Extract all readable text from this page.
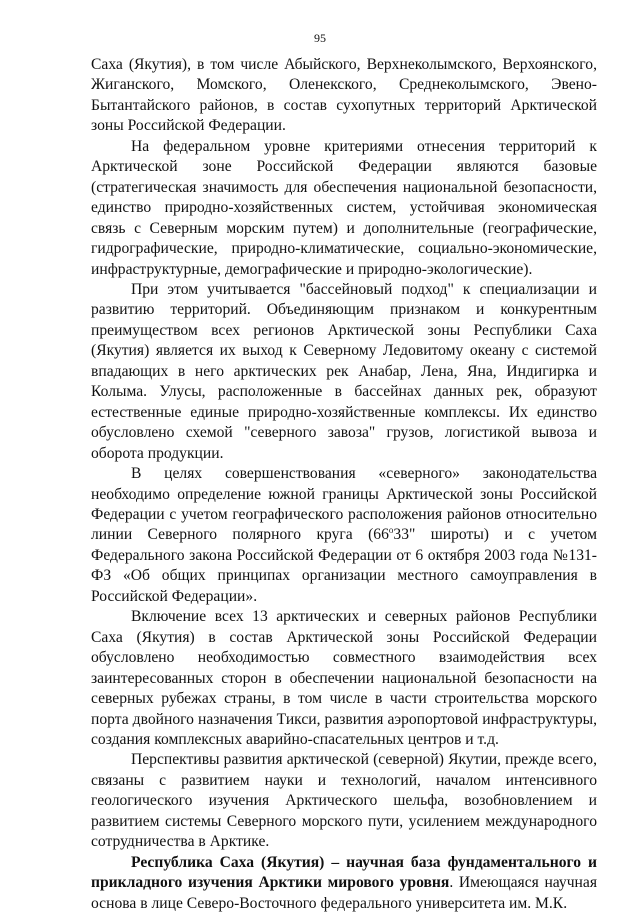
95

Саха (Якутия), в том числе Абыйского, Верхнеколымского, Верхоянского, Жиганского, Момского, Оленекского, Среднеколымского, Эвено-Бытантайского районов, в состав сухопутных территорий Арктической зоны Российской Федерации.

На федеральном уровне критериями отнесения территорий к Арктической зоне Российской Федерации являются базовые (стратегическая значимость для обеспечения национальной безопасности, единство природно-хозяйственных систем, устойчивая экономическая связь с Северным морским путем) и дополнительные (географические, гидрографические, природно-климатические, социально-экономические, инфраструктурные, демографические и природно-экологические).

При этом учитывается "бассейновый подход" к специализации и развитию территорий. Объединяющим признаком и конкурентным преимуществом всех регионов Арктической зоны Республики Саха (Якутия) является их выход к Северному Ледовитому океану с системой впадающих в него арктических рек Анабар, Лена, Яна, Индигирка и Колыма. Улусы, расположенные в бассейнах данных рек, образуют естественные единые природно-хозяйственные комплексы. Их единство обусловлено схемой "северного завоза" грузов, логистикой вывоза и оборота продукции.

В целях совершенствования «северного» законодательства необходимо определение южной границы Арктической зоны Российской Федерации с учетом географического расположения районов относительно линии Северного полярного круга ($66^о33$" широты) и с учетом Федерального закона Российской Федерации от 6 октября 2003 года №131-ФЗ «Об общих принципах организации местного самоуправления в Российской Федерации».

Включение всех 13 арктических и северных районов Республики Саха (Якутия) в состав Арктической зоны Российской Федерации обусловлено необходимостью совместного взаимодействия всех заинтересованных сторон в обеспечении национальной безопасности на северных рубежах страны, в том числе в части строительства морского порта двойного назначения Тикси, развития аэропортовой инфраструктуры, создания комплексных аварийно-спасательных центров и т.д.

Перспективы развития арктической (северной) Якутии, прежде всего, связаны с развитием науки и технологий, началом интенсивного геологического изучения Арктического шельфа, возобновлением и развитием системы Северного морского пути, усилением международного сотрудничества в Арктике.

Республика Саха (Якутия) – научная база фундаментального и прикладного изучения Арктики мирового уровня. Имеющаяся научная основа в лице Северо-Восточного федерального университета им. М.К.
